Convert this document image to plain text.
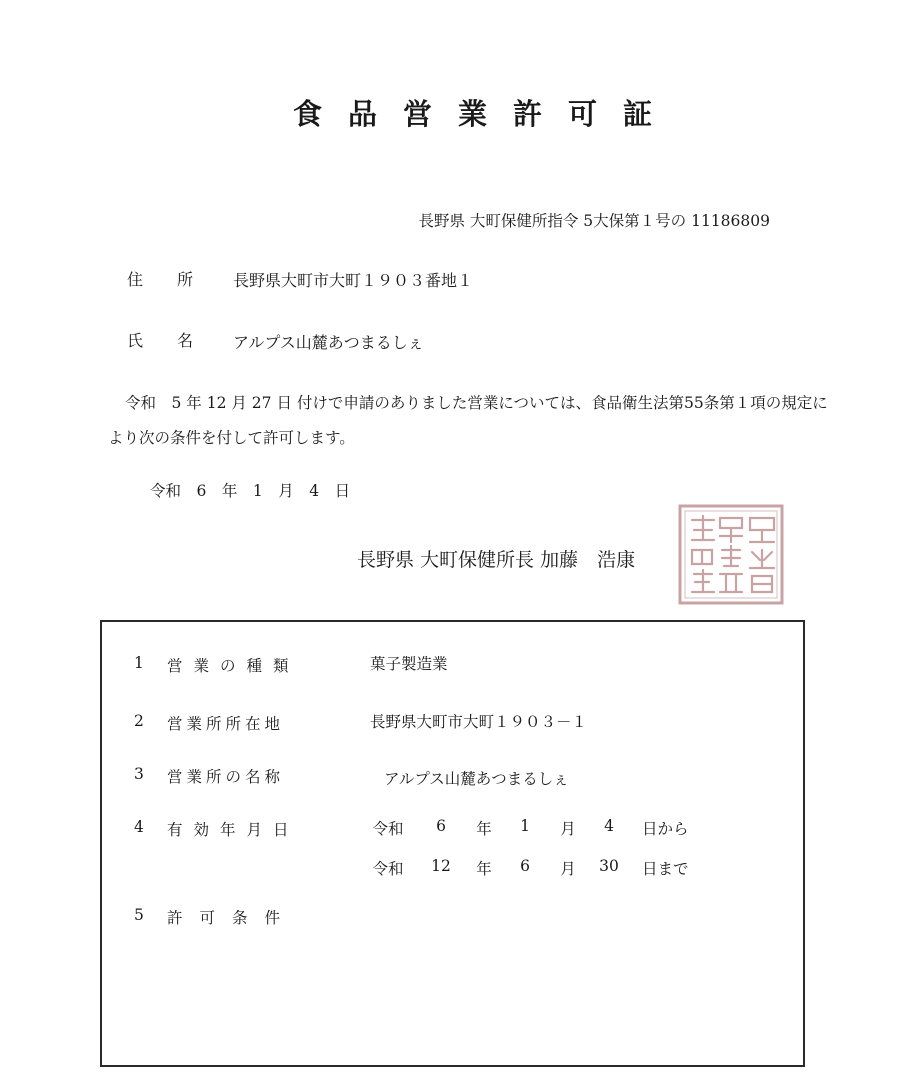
食品営業許可証
長野県 大町保健所指令 5大保第１号の 11186809
住所 長野県大町市大町１９０３番地１
氏名 アルプス山麓あつまるしぇ
令和　5 年 12 月 27 日 付けで申請のありました営業については、食品衛生法第55条第１項の規定により次の条件を付して許可します。
令和　6　年　1　月　4　日
長野県 大町保健所長 加藤　浩康
1 営業の種類	菓子製造業
2 営業所所在地	長野県大町市大町１９０３－１
3 営業所の名称	アルプス山麓あつまるしぇ
4 有効年月日	令和	6	年	1	月	4	日から
令和 12 年	6	月 30 日まで
5 許可条件
